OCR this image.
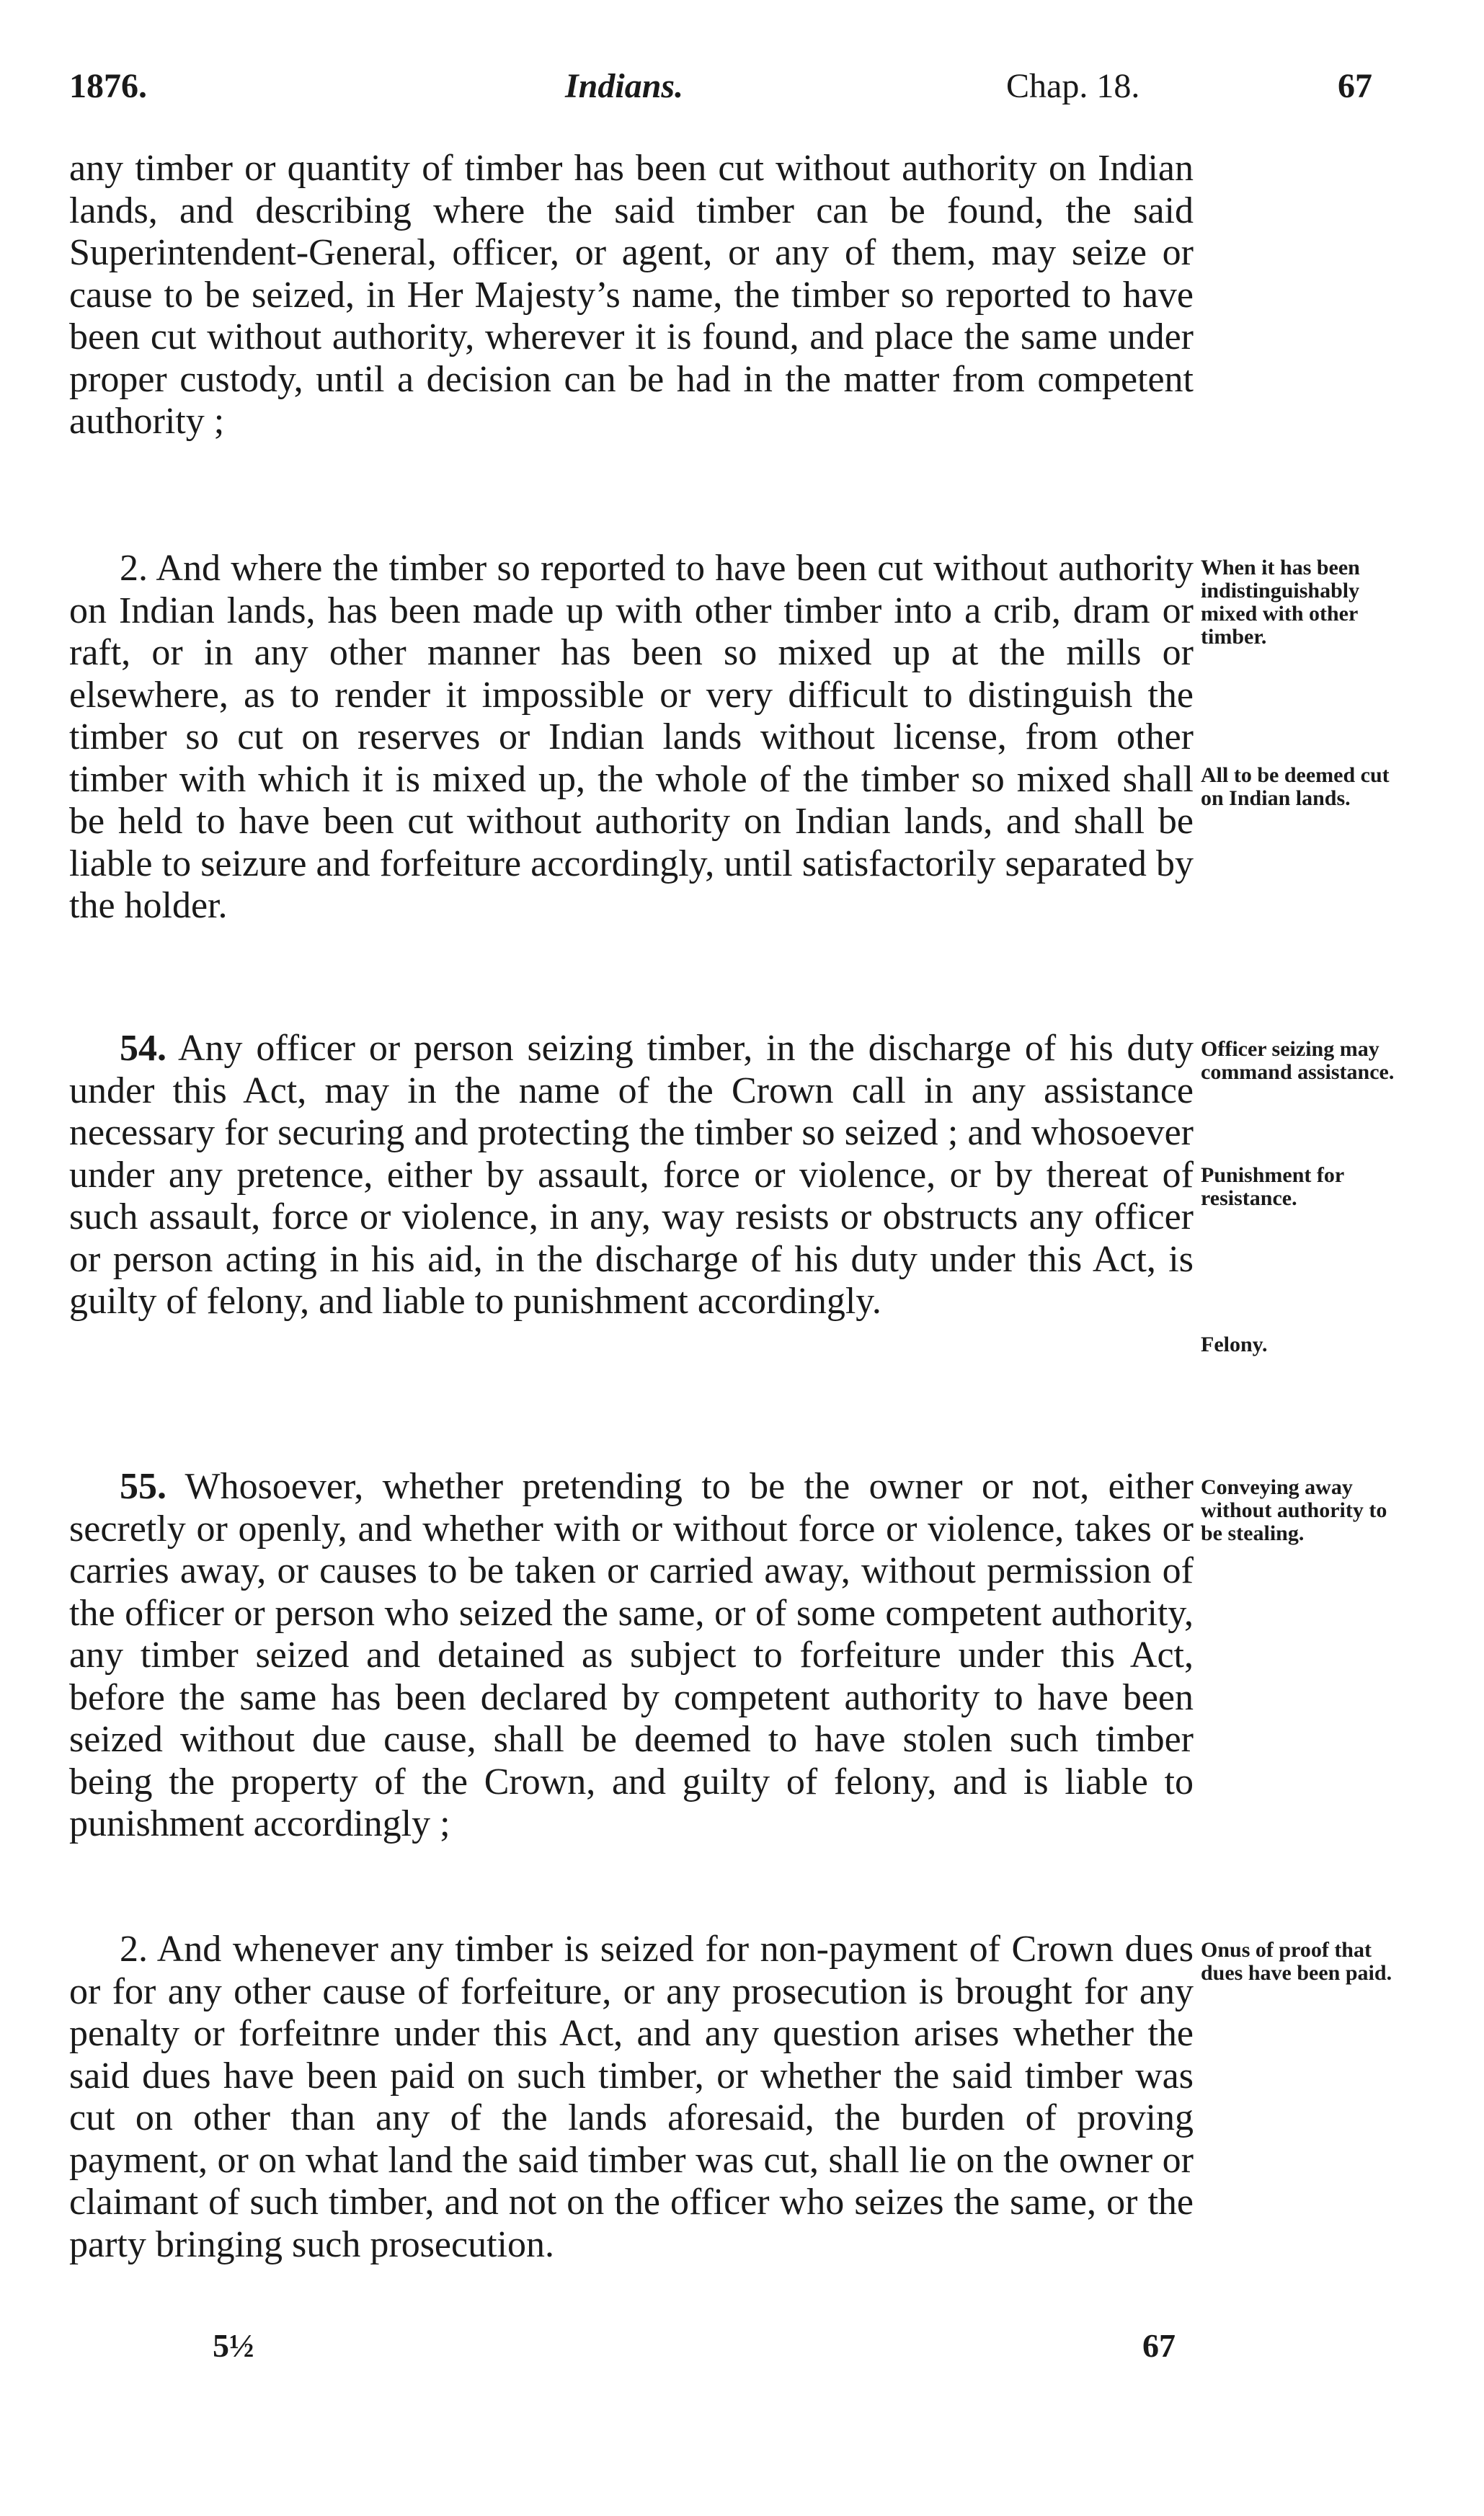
1876.	Indians.	Chap. 18.	67

any timber or quantity of timber has been cut without authority on Indian lands, and describing where the said timber can be found, the said Superintendent-General, officer, or agent, or any of them, may seize or cause to be seized, in Her Majesty’s name, the timber so reported to have been cut without authority, wherever it is found, and place the same under proper custody, until a decision can be had in the matter from competent authority ;

2. And where the timber so reported to have been cut without authority on Indian lands, has been made up with other timber into a crib, dram or raft, or in any other manner has been so mixed up at the mills or elsewhere, as to render it impossible or very difficult to distinguish the timber so cut on reserves or Indian lands without license, from other timber with which it is mixed up, the whole of the timber so mixed shall be held to have been cut without authority on Indian lands, and shall be liable to seizure and forfeiture accordingly, until satisfactorily separated by the holder.

54. Any officer or person seizing timber, in the discharge of his duty under this Act, may in the name of the Crown call in any assistance necessary for securing and protecting the timber so seized ; and whosoever under any pretence, either by assault, force or violence, or by thereat of such assault, force or violence, in any, way resists or obstructs any officer or person acting in his aid, in the discharge of his duty under this Act, is guilty of felony, and liable to punishment accordingly.

55. Whosoever, whether pretending to be the owner or not, either secretly or openly, and whether with or without force or violence, takes or carries away, or causes to be taken or carried away, without permission of the officer or person who seized the same, or of some competent authority, any timber seized and detained as subject to forfeiture under this Act, before the same has been declared by competent authority to have been seized without due cause, shall be deemed to have stolen such timber being the property of the Crown, and guilty of felony, and is liable to punishment accordingly ;

2. And whenever any timber is seized for non-payment of Crown dues or for any other cause of forfeiture, or any prosecution is brought for any penalty or forfeitnre under this Act, and any question arises whether the said dues have been paid on such timber, or whether the said timber was cut on other than any of the lands aforesaid, the burden of proving payment, or on what land the said timber was cut, shall lie on the owner or claimant of such timber, and not on the officer who seizes the same, or the party bringing such prosecution.

When it has been indistinguishably mixed with other timber.

All to be deemed cut on Indian lands.

Officer seizing may command assistance.

Punishment for resistance.

Felony.

Conveying away without authority to be stealing.

Onus of proof that dues have been paid.

5½	67
